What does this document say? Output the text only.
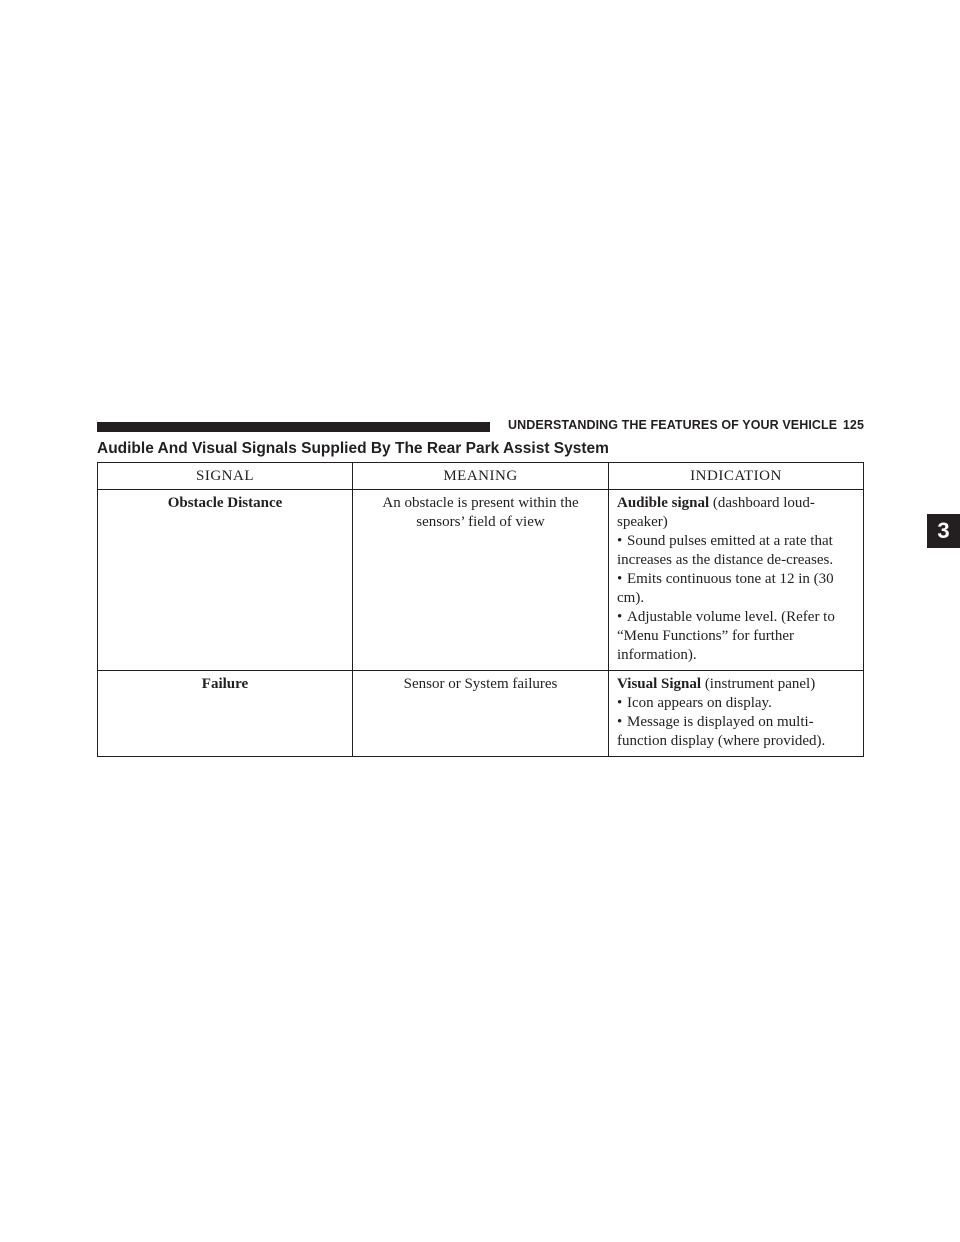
UNDERSTANDING THE FEATURES OF YOUR VEHICLE 125
3
Audible And Visual Signals Supplied By The Rear Park Assist System
SIGNAL	MEANING	INDICATION
Obstacle Distance	An obstacle is present within the sensors’ field of view	Audible signal (dashboard loud-speaker)
• Sound pulses emitted at a rate that increases as the distance de-creases.
• Emits continuous tone at 12 in (30 cm).
• Adjustable volume level. (Refer to “Menu Functions” for further information).

Failure	Sensor or System failures	Visual Signal (instrument panel)
• Icon appears on display.
• Message is displayed on multi-function display (where provided).
